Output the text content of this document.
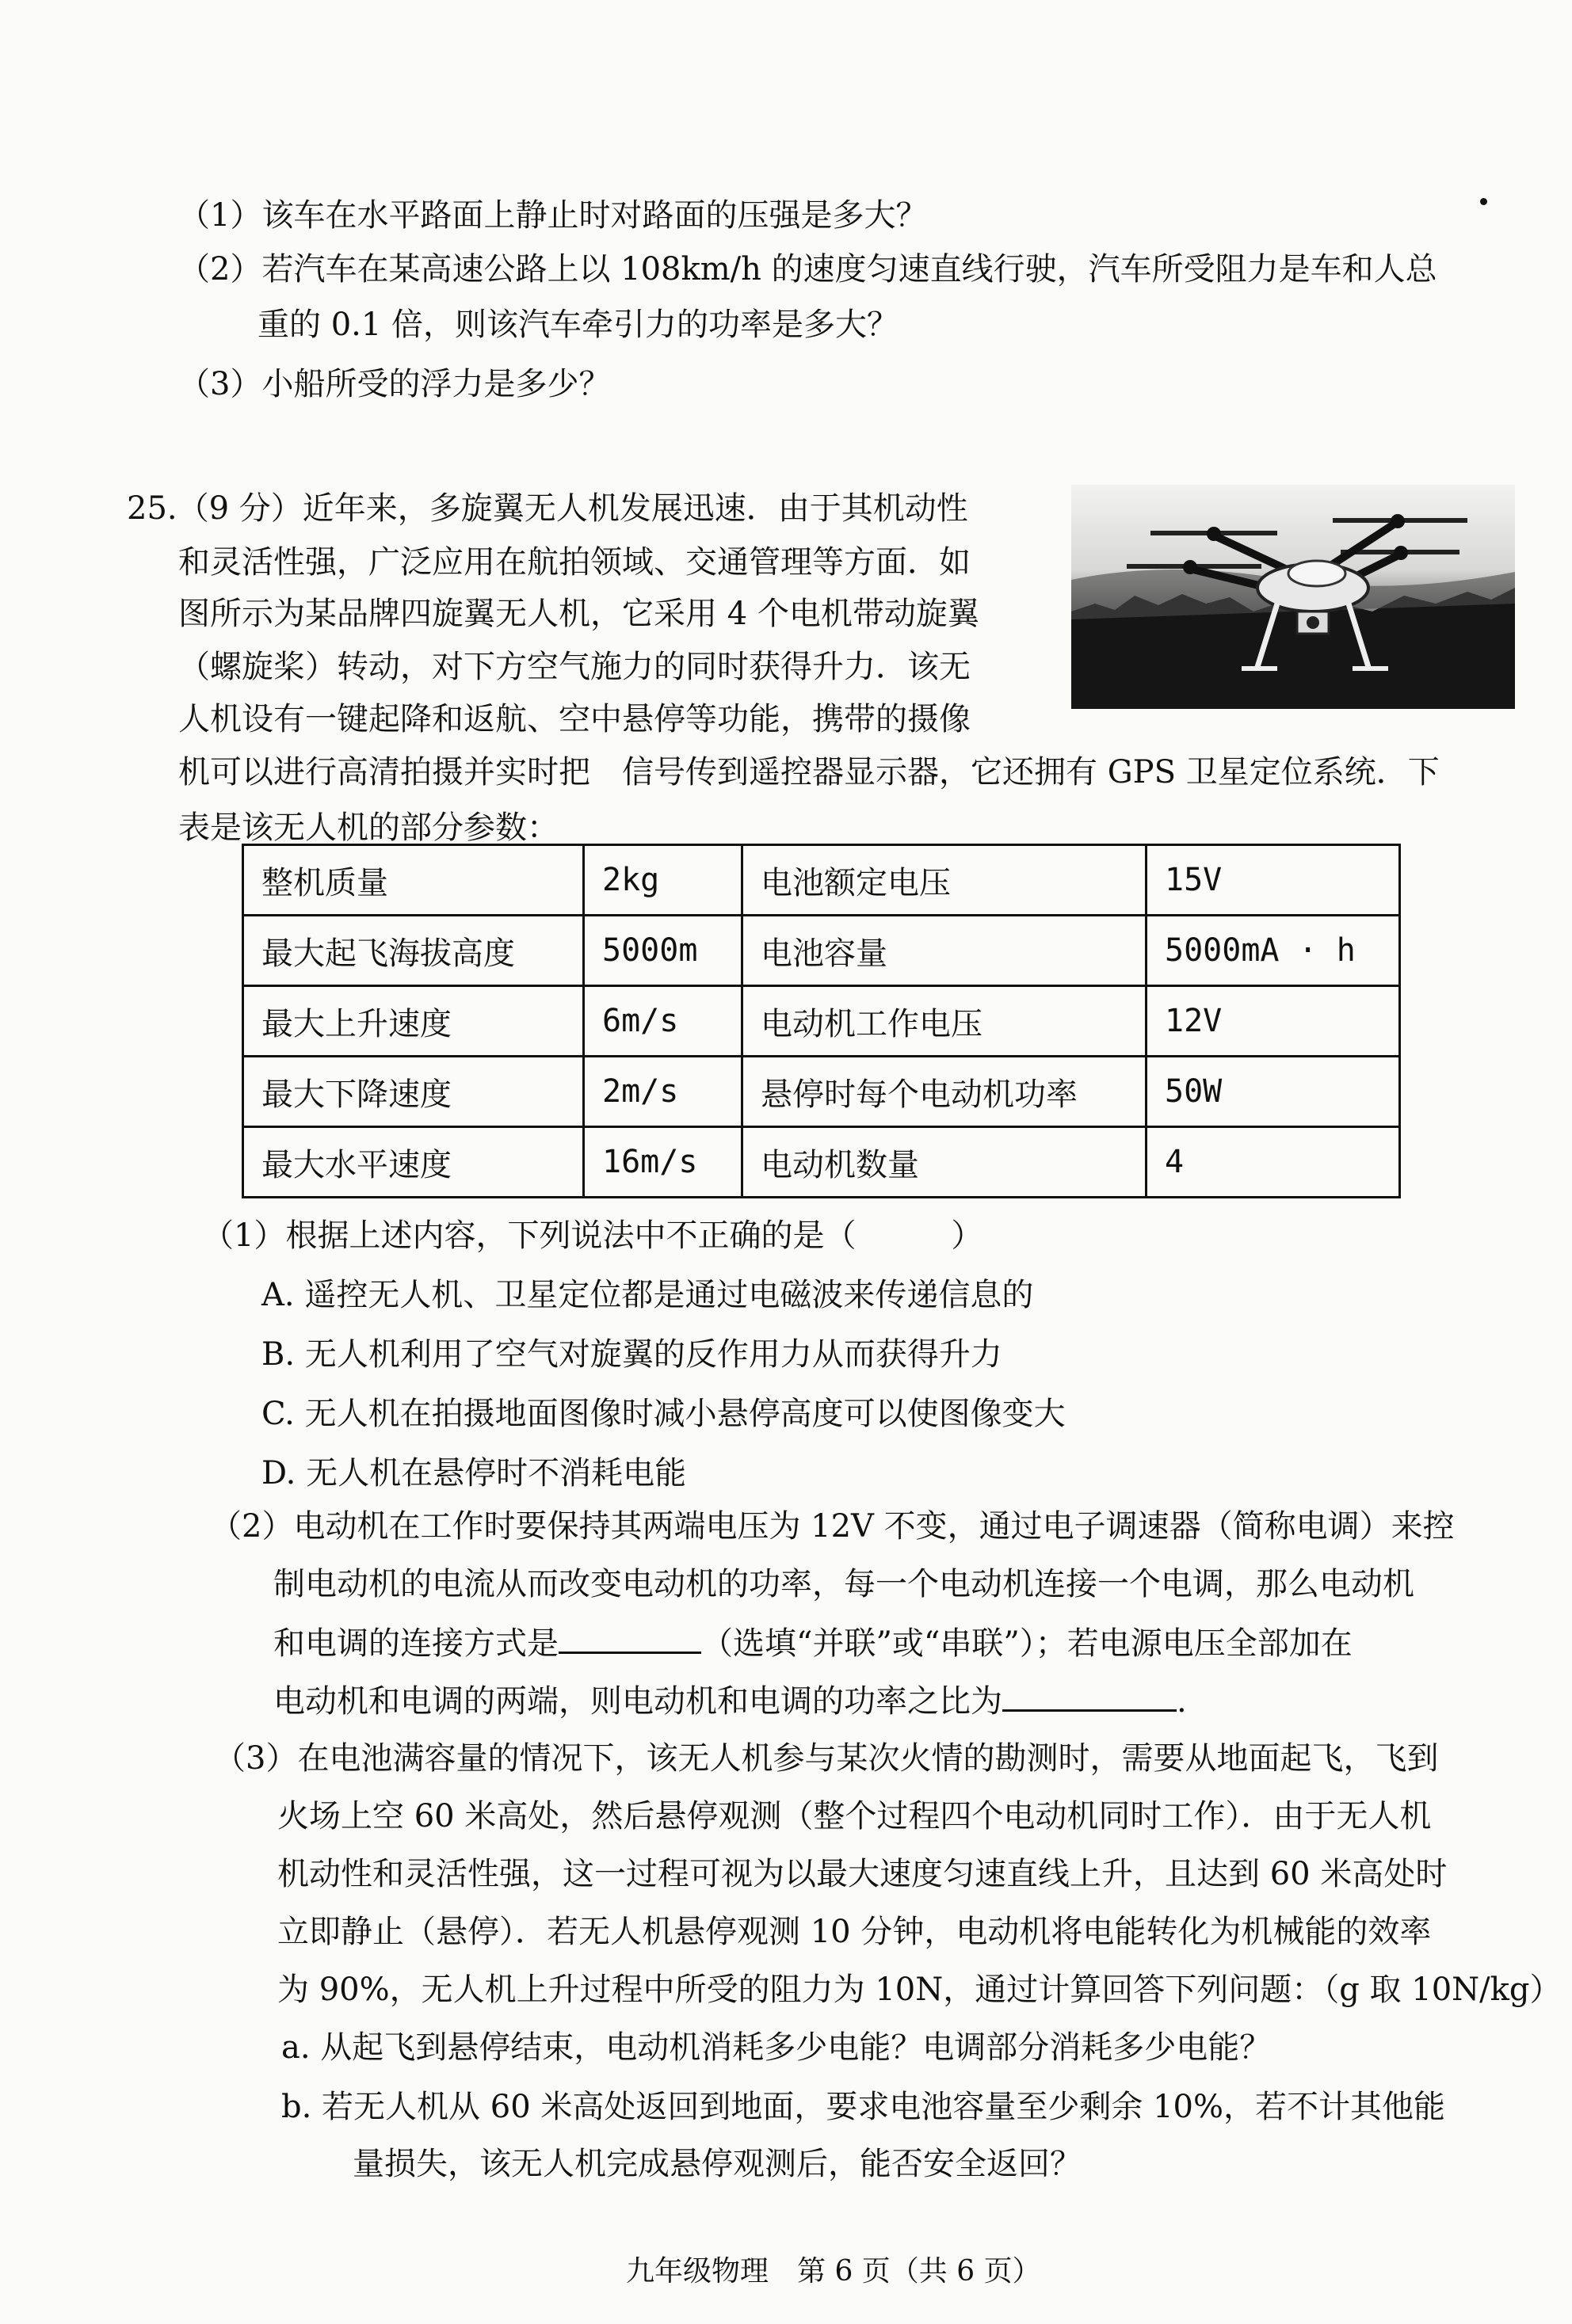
（1）该车在水平路面上静止时对路面的压强是多大？
（2）若汽车在某高速公路上以 108km/h 的速度匀速直线行驶，汽车所受阻力是车和人总
重的 0.1 倍，则该汽车牵引力的功率是多大？
（3）小船所受的浮力是多少？
25.（9 分）近年来，多旋翼无人机发展迅速．由于其机动性
和灵活性强，广泛应用在航拍领域、交通管理等方面．如
图所示为某品牌四旋翼无人机，它采用 4 个电机带动旋翼
（螺旋桨）转动，对下方空气施力的同时获得升力．该无
人机设有一键起降和返航、空中悬停等功能，携带的摄像
机可以进行高清拍摄并实时把　信号传到遥控器显示器，它还拥有 GPS 卫星定位系统．下
表是该无人机的部分参数：
整机质量	2kg	电池额定电压	15V
最大起飞海拔高度	5000m	电池容量	5000mA · h
最大上升速度	6m/s	电动机工作电压	12V
最大下降速度	2m/s	悬停时每个电动机功率	50W
最大水平速度	16m/s	电动机数量	4
（1）根据上述内容，下列说法中不正确的是（　　　）
A. 遥控无人机、卫星定位都是通过电磁波来传递信息的
B. 无人机利用了空气对旋翼的反作用力从而获得升力
C. 无人机在拍摄地面图像时减小悬停高度可以使图像变大
D. 无人机在悬停时不消耗电能
（2）电动机在工作时要保持其两端电压为 12V 不变，通过电子调速器（简称电调）来控
制电动机的电流从而改变电动机的功率，每一个电动机连接一个电调，那么电动机
和电调的连接方式是	（选填“并联”或“串联”）；若电源电压全部加在
电动机和电调的两端，则电动机和电调的功率之比为	.
（3）在电池满容量的情况下，该无人机参与某次火情的勘测时，需要从地面起飞，飞到
火场上空 60 米高处，然后悬停观测（整个过程四个电动机同时工作）．由于无人机
机动性和灵活性强，这一过程可视为以最大速度匀速直线上升，且达到 60 米高处时
立即静止（悬停）．若无人机悬停观测 10 分钟，电动机将电能转化为机械能的效率
为 90%，无人机上升过程中所受的阻力为 10N，通过计算回答下列问题：（g 取 10N/kg）
a. 从起飞到悬停结束，电动机消耗多少电能？电调部分消耗多少电能？
b. 若无人机从 60 米高处返回到地面，要求电池容量至少剩余 10%，若不计其他能
量损失，该无人机完成悬停观测后，能否安全返回？
九年级物理　第 6 页（共 6 页）
